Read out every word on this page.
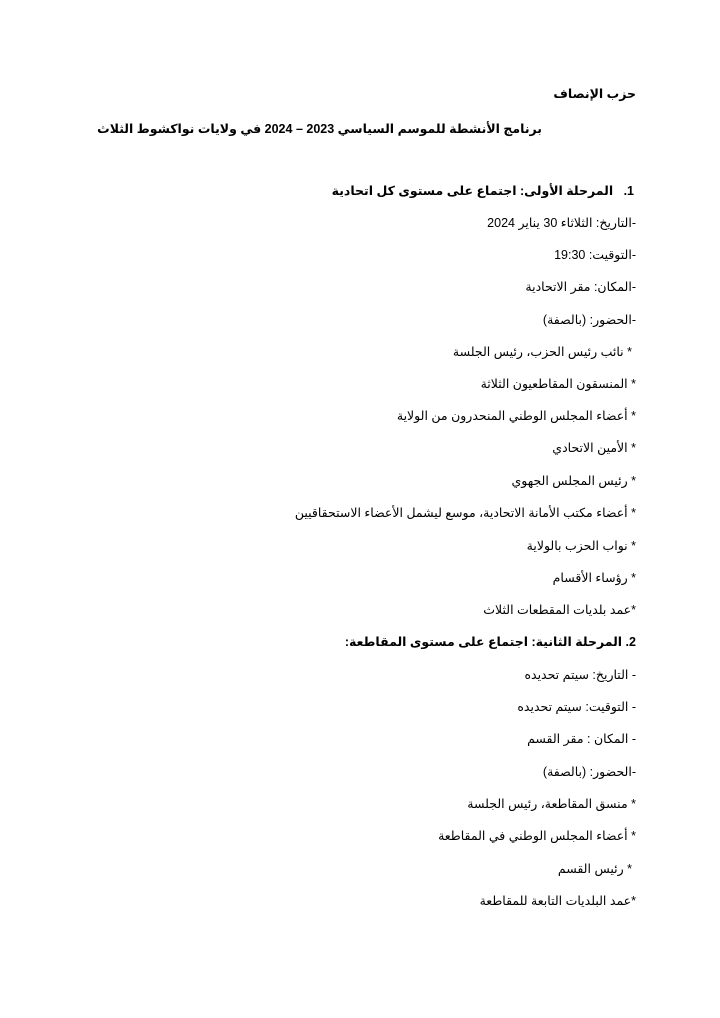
حزب الإنصاف
برنامج الأنشطة للموسم السياسي 2023 – 2024 في ولايات نواكشوط الثلاث
1.   المرحلة الأولى: اجتماع على مستوى كل اتحادية
-التاريخ: الثلاثاء 30 يناير 2024
-التوقيت: 19:30
-المكان: مقر الاتحادية
-الحضور: (بالصفة)
* نائب رئيس الحزب، رئيس الجلسة
* المنسقون المقاطعيون الثلاثة
* أعضاء المجلس الوطني المنحدرون من الولاية
* الأمين الاتحادي
* رئيس المجلس الجهوي
* أعضاء مكتب الأمانة الاتحادية، موسع ليشمل الأعضاء الاستحقاقيين
* نواب الحزب بالولاية
* رؤساء الأقسام
*عمد بلديات المقطعات الثلاث
2. المرحلة الثانية: اجتماع على مستوى المقاطعة:
- التاريخ: سيتم تحديده
- التوقيت: سيتم تحديده
- المكان : مقر القسم
-الحضور: (بالصفة)
* منسق المقاطعة، رئيس الجلسة
* أعضاء المجلس الوطني في المقاطعة
* رئيس القسم
*عمد البلديات التابعة للمقاطعة
